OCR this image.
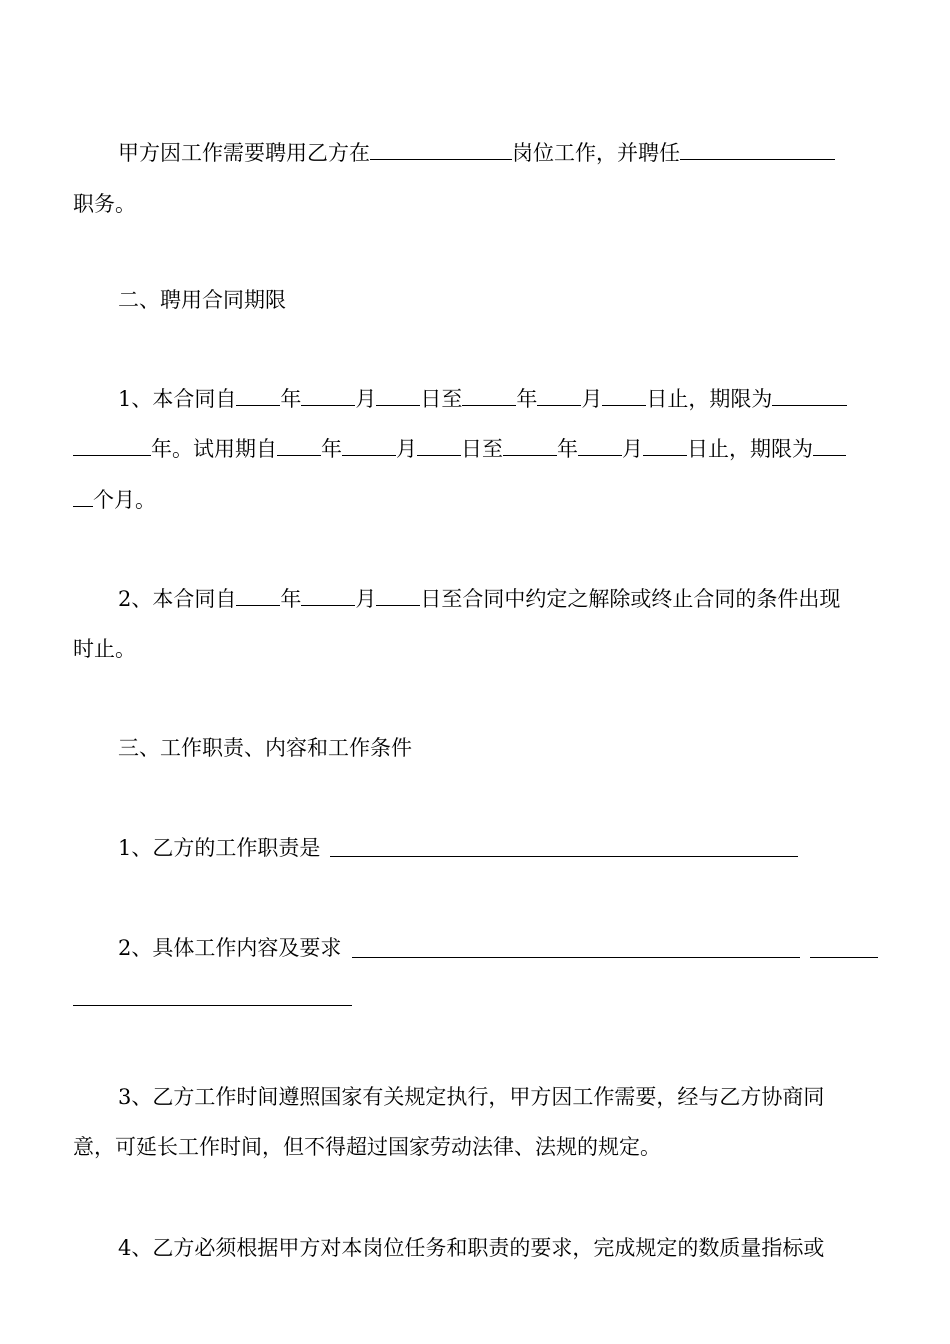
甲方因工作需要聘用乙方在	岗位工作，并聘任
职务。
二、聘用合同期限
1、本合同自 年	月 日至	年 月 日止，期限为
年。试用期自 年	月 日至	年 月 日止，期限为
个月。
2、本合同自 年	月 日至合同中约定之解除或终止合同的条件出现
时止。
三、工作职责、内容和工作条件
1、乙方的工作职责是
2、具体工作内容及要求
3、乙方工作时间遵照国家有关规定执行，甲方因工作需要，经与乙方协商同
意，可延长工作时间，但不得超过国家劳动法律、法规的规定。
4、乙方必须根据甲方对本岗位任务和职责的要求，完成规定的数质量指标或
